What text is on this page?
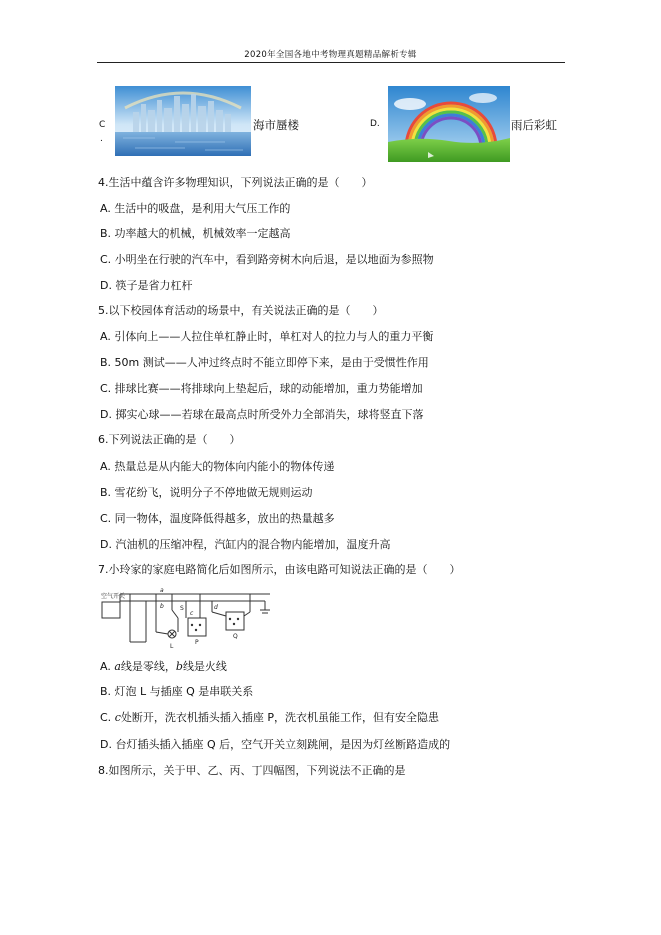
2020年全国各地中考物理真题精品解析专辑
C
.
海市蜃楼	D.	雨后彩虹
4.生活中蕴含许多物理知识，下列说法正确的是（　　）
A. 生活中的吸盘，是利用大气压工作的
B. 功率越大的机械，机械效率一定越高
C. 小明坐在行驶的汽车中，看到路旁树木向后退，是以地面为参照物
D. 筷子是省力杠杆
5.以下校园体育活动的场景中，有关说法正确的是（　　）
A. 引体向上——人拉住单杠静止时，单杠对人的拉力与人的重力平衡
B. 50m 测试——人冲过终点时不能立即停下来，是由于受惯性作用
C. 排球比赛——将排球向上垫起后，球的动能增加，重力势能增加
D. 掷实心球——若球在最高点时所受外力全部消失，球将竖直下落
6.下列说法正确的是（　　）
A. 热量总是从内能大的物体向内能小的物体传递
B. 雪花纷飞，说明分子不停地做无规则运动
C. 同一物体，温度降低得越多，放出的热量越多
D. 汽油机的压缩冲程，汽缸内的混合物内能增加，温度升高
7.小玲家的家庭电路简化后如图所示，由该电路可知说法正确的是（　　）
空气开关
a
b
c
d
S
L
P
Q
A. a线是零线，b线是火线
B. 灯泡 L 与插座 Q 是串联关系
C. c处断开，洗衣机插头插入插座 P，洗衣机虽能工作，但有安全隐患
D. 台灯插头插入插座 Q 后，空气开关立刻跳闸，是因为灯丝断路造成的
8.如图所示，关于甲、乙、丙、丁四幅图，下列说法不正确的是
